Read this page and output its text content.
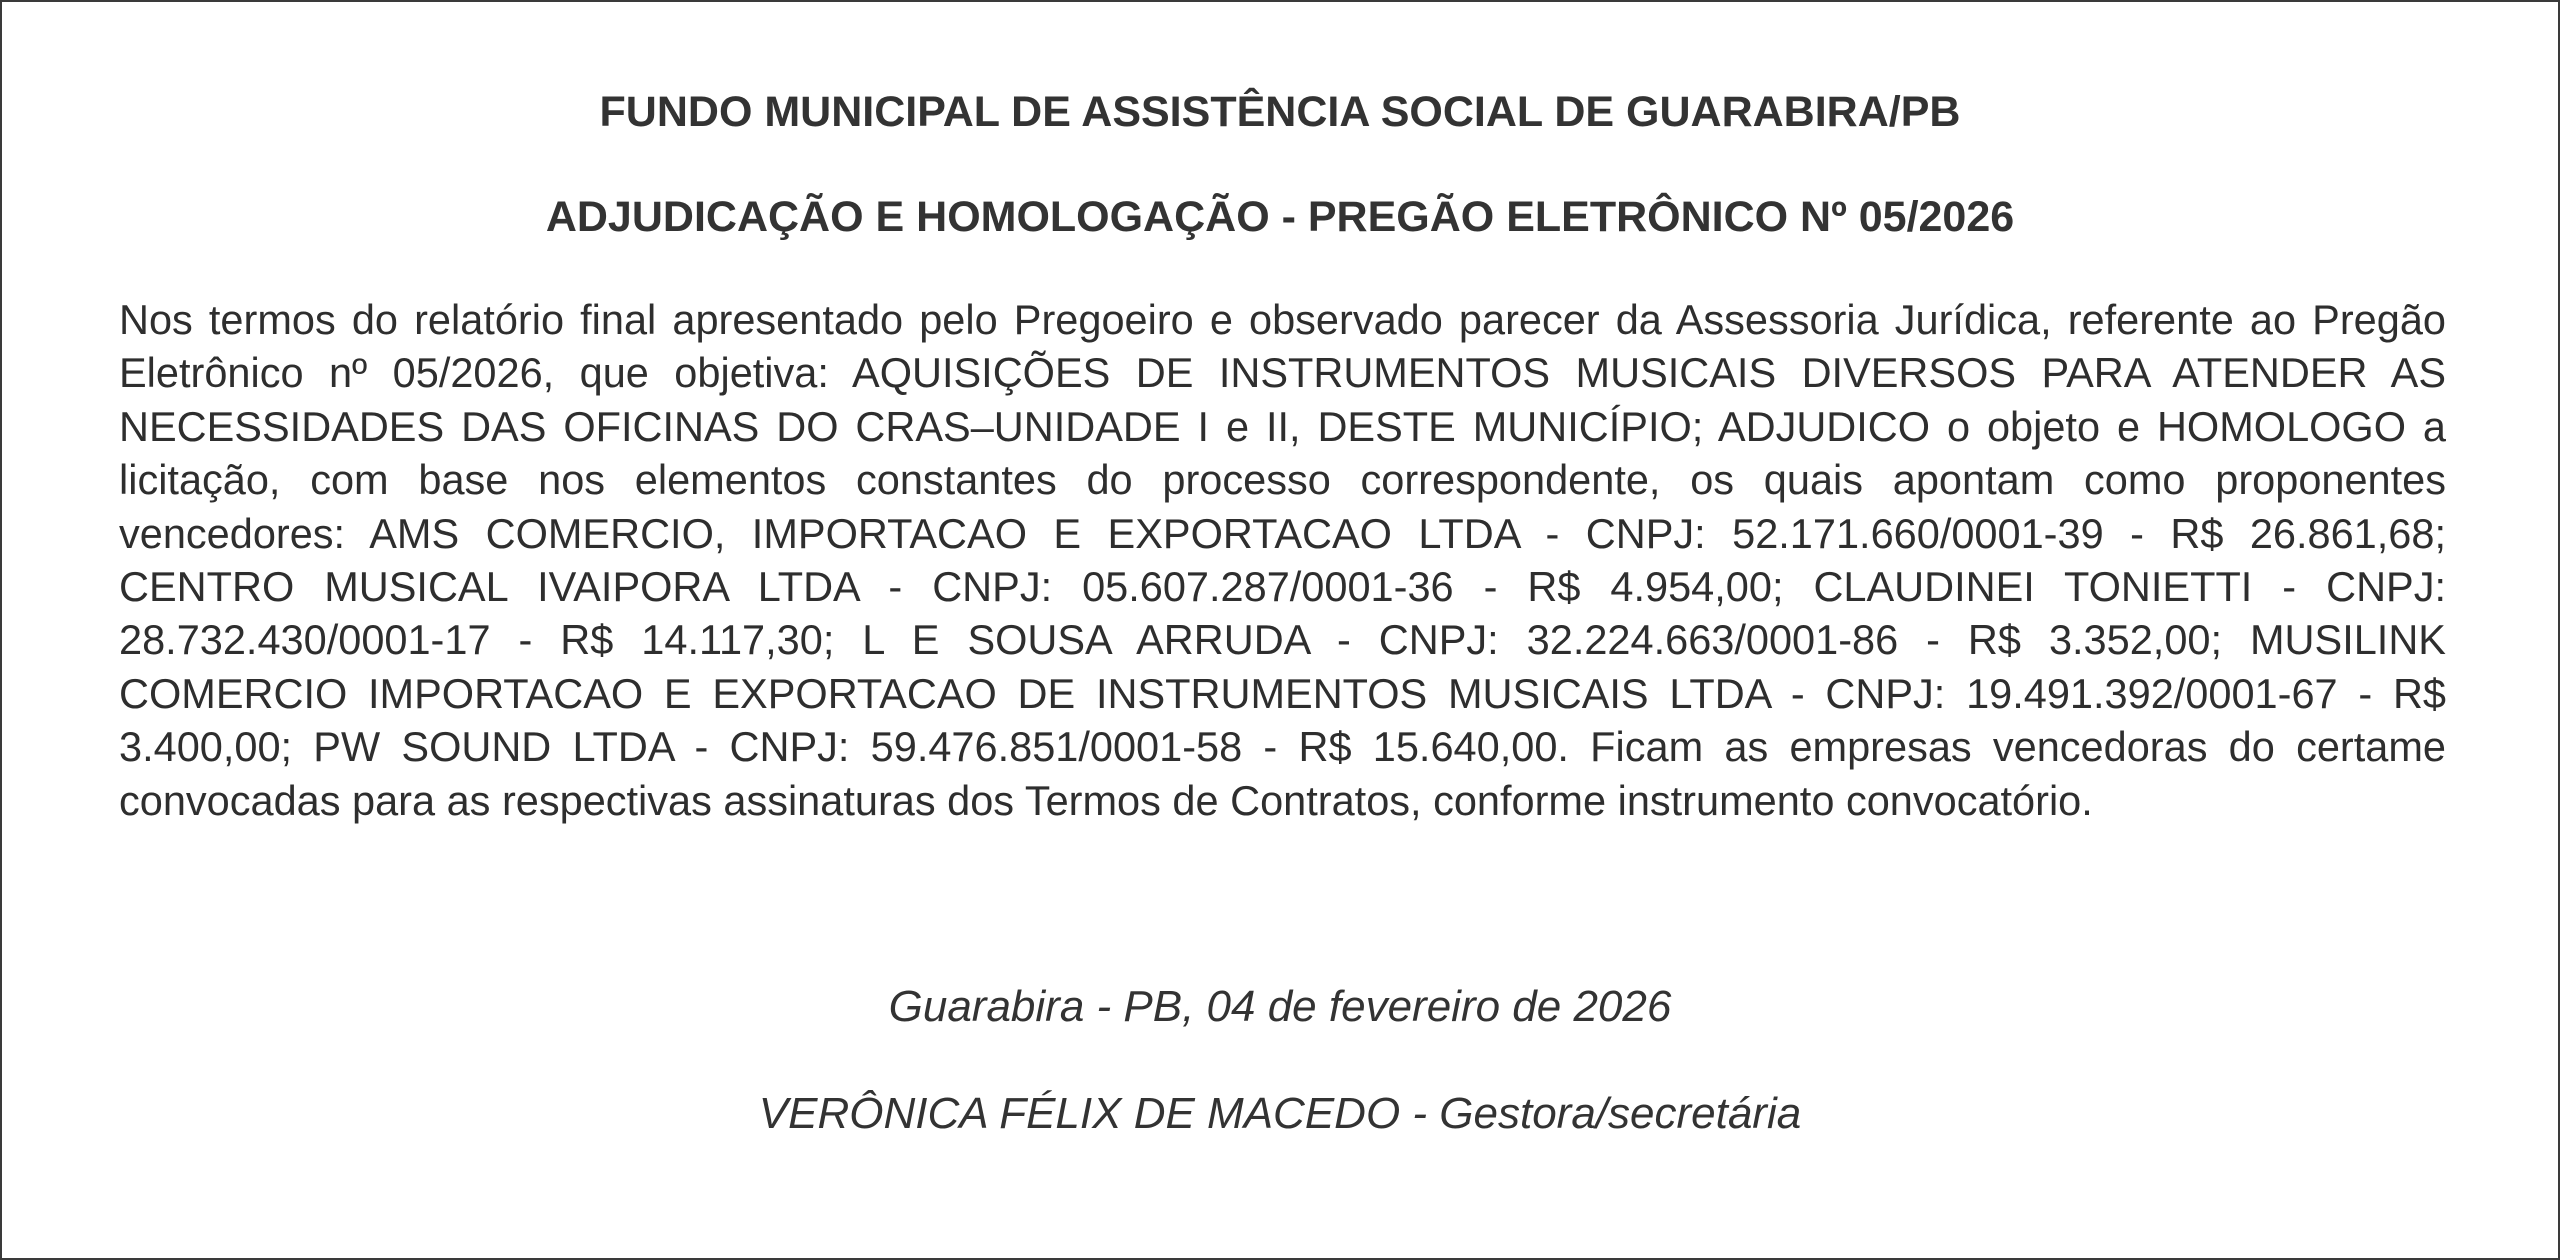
FUNDO MUNICIPAL DE ASSISTÊNCIA SOCIAL DE GUARABIRA/PB
ADJUDICAÇÃO E HOMOLOGAÇÃO - PREGÃO ELETRÔNICO Nº 05/2026

Nos termos do relatório final apresentado pelo Pregoeiro e observado parecer da Assessoria Jurídica, referente ao Pregão Eletrônico nº 05/2026, que objetiva: AQUISIÇÕES DE INSTRUMENTOS MUSICAIS DIVERSOS PARA ATENDER AS NECESSIDADES DAS OFICINAS DO CRAS–UNIDADE I e II, DESTE MUNICÍPIO; ADJUDICO o objeto e HOMOLOGO a licitação, com base nos elementos constantes do processo correspondente, os quais apontam como proponentes vencedores: AMS COMERCIO, IMPORTACAO E EXPORTACAO LTDA - CNPJ: 52.171.660/0001-39 - R$ 26.861,68; CENTRO MUSICAL IVAIPORA LTDA - CNPJ: 05.607.287/0001-36 - R$ 4.954,00; CLAUDINEI TONIETTI - CNPJ: 28.732.430/0001-17 - R$ 14.117,30; L E SOUSA ARRUDA - CNPJ: 32.224.663/0001-86 - R$ 3.352,00; MUSILINK COMERCIO IMPORTACAO E EXPORTACAO DE INSTRUMENTOS MUSICAIS LTDA - CNPJ: 19.491.392/0001-67 - R$ 3.400,00; PW SOUND LTDA - CNPJ: 59.476.851/0001-58 - R$ 15.640,00. Ficam as empresas vencedoras do certame convocadas para as respectivas assinaturas dos Termos de Contratos, conforme instrumento convocatório.

Guarabira - PB, 04 de fevereiro de 2026
VERÔNICA FÉLIX DE MACEDO - Gestora/secretária
